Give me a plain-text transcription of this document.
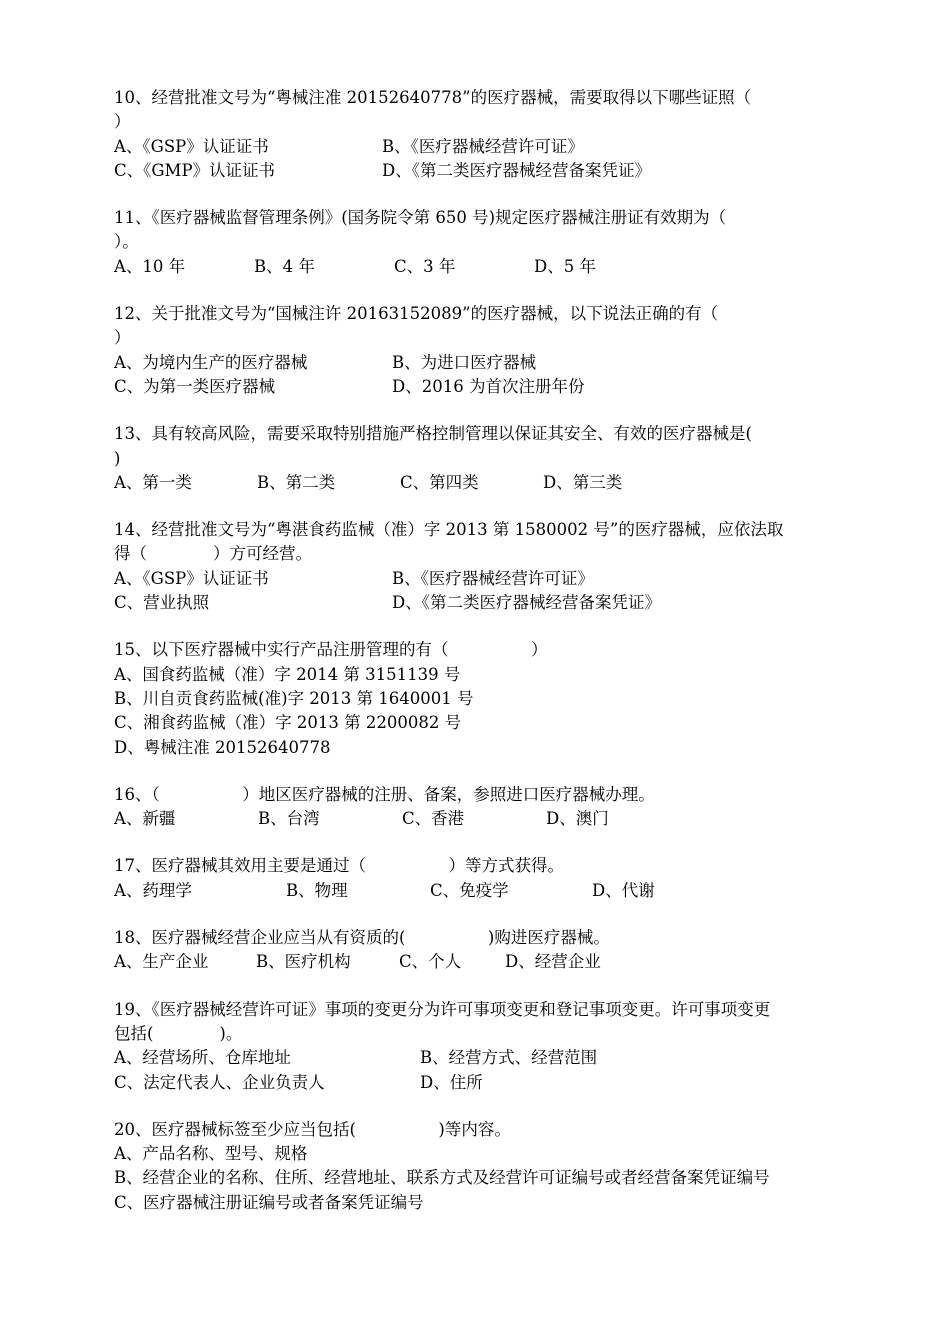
10、经营批准文号为“粤械注准 20152640778”的医疗器械，需要取得以下哪些证照（
）
A、《GSP》认证证书	B、《医疗器械经营许可证》
C、《GMP》认证证书	D、《第二类医疗器械经营备案凭证》
11、《医疗器械监督管理条例》(国务院令第 650 号)规定医疗器械注册证有效期为（
）。
A、10 年	B、4 年	C、3 年	D、5 年
12、关于批准文号为“国械注许 20163152089”的医疗器械，以下说法正确的有（
）
A、为境内生产的医疗器械	B、为进口医疗器械
C、为第一类医疗器械	D、2016 为首次注册年份
13、具有较高风险，需要采取特别措施严格控制管理以保证其安全、有效的医疗器械是(
)
A、第一类	B、第二类	C、第四类	D、第三类
14、经营批准文号为“粤湛食药监械（准）字 2013 第 1580002 号”的医疗器械，应依法取
得（　　　　）方可经营。
A、《GSP》认证证书	B、《医疗器械经营许可证》
C、营业执照	D、《第二类医疗器械经营备案凭证》
15、以下医疗器械中实行产品注册管理的有（　　　　　）
A、国食药监械（准）字 2014 第 3151139 号
B、川自贡食药监械(准)字 2013 第 1640001 号
C、湘食药监械（准）字 2013 第 2200082 号
D、粤械注准 20152640778
16、（　　　　　）地区医疗器械的注册、备案，参照进口医疗器械办理。
A、新疆	B、台湾	C、香港	D、澳门
17、医疗器械其效用主要是通过（　　　　　）等方式获得。
A、药理学	B、物理	C、免疫学	D、代谢
18、医疗器械经营企业应当从有资质的(　　　　　)购进医疗器械。
A、生产企业	B、医疗机构	C、个人	D、经营企业
19、《医疗器械经营许可证》事项的变更分为许可事项变更和登记事项变更。许可事项变更
包括(　　　　)。
A、经营场所、仓库地址	B、经营方式、经营范围
C、法定代表人、企业负责人	D、住所
20、医疗器械标签至少应当包括(　　　　　)等内容。
A、产品名称、型号、规格
B、经营企业的名称、住所、经营地址、联系方式及经营许可证编号或者经营备案凭证编号
C、医疗器械注册证编号或者备案凭证编号
